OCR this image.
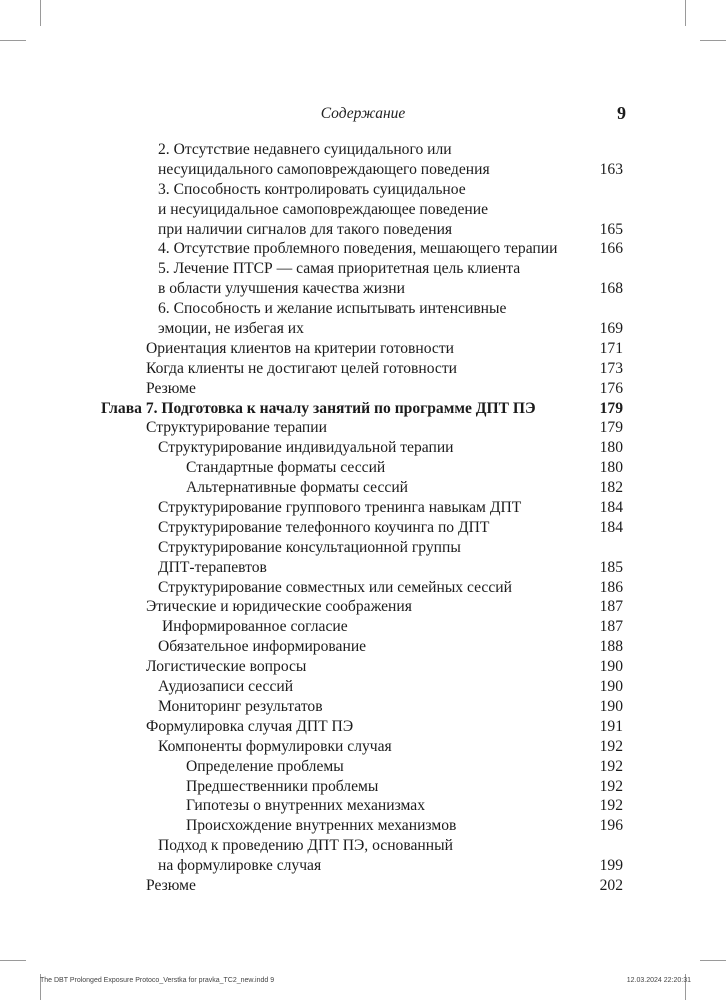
Содержание	9
2. Отсутствие недавнего суицидального или
несуицидального самоповреждающего поведения	163
3. Способность контролировать суицидальное
и несуицидальное самоповреждающее поведение
при наличии сигналов для такого поведения	165
4. Отсутствие проблемного поведения, мешающего терапии	166
5. Лечение ПТСР — самая приоритетная цель клиента
в области улучшения качества жизни	168
6. Способность и желание испытывать интенсивные
эмоции, не избегая их	169
Ориентация клиентов на критерии готовности	171
Когда клиенты не достигают целей готовности	173
Резюме	176
Глава 7. Подготовка к началу занятий по программе ДПТ ПЭ	179
Структурирование терапии	179
Структурирование индивидуальной терапии	180
Стандартные форматы сессий	180
Альтернативные форматы сессий	182
Структурирование группового тренинга навыкам ДПТ	184
Структурирование телефонного коучинга по ДПТ	184
Структурирование консультационной группы
ДПТ-терапевтов	185
Структурирование совместных или семейных сессий	186
Этические и юридические соображения	187
Информированное согласие	187
Обязательное информирование	188
Логистические вопросы	190
Аудиозаписи сессий	190
Мониторинг результатов	190
Формулировка случая ДПТ ПЭ	191
Компоненты формулировки случая	192
Определение проблемы	192
Предшественники проблемы	192
Гипотезы о внутренних механизмах	192
Происхождение внутренних механизмов	196
Подход к проведению ДПТ ПЭ, основанный
на формулировке случая	199
Резюме	202
The DBT Prolonged Exposure Protoco_Verstka for pravka_TC2_new.indd 9	12.03.2024 22:20:31
